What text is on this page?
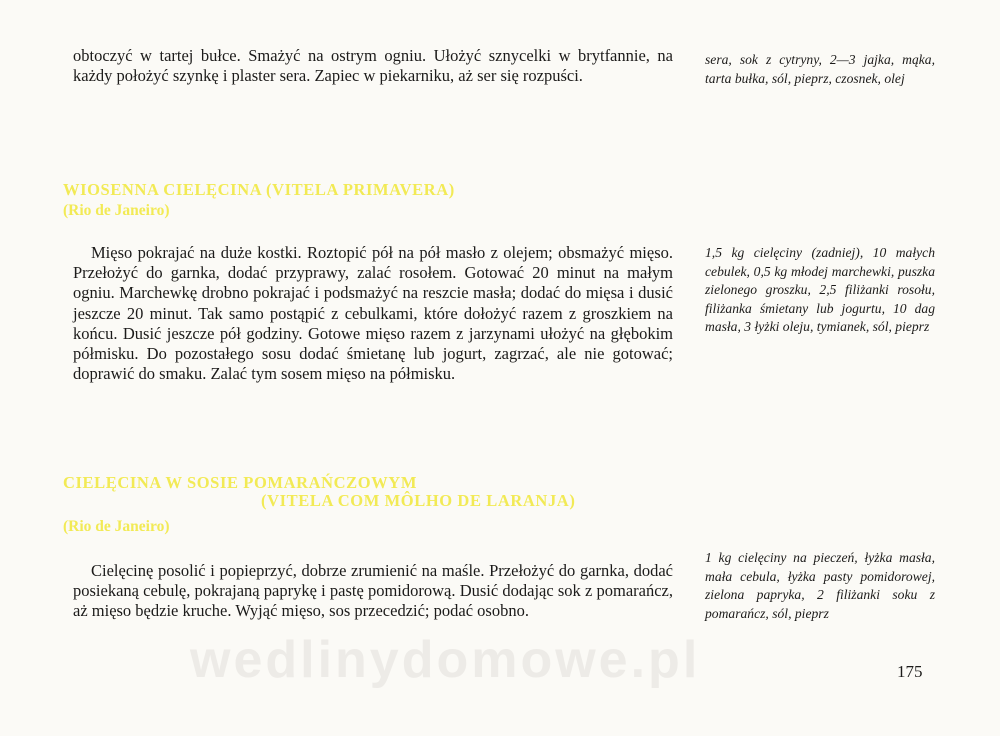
obtoczyć w tartej bułce. Smażyć na ostrym ogniu. Ułożyć sznycelki w brytfannie, na każdy położyć szynkę i plaster sera. Zapiec w piekarniku, aż ser się rozpuści.

sera, sok z cytryny, 2—3 jajka, mąka, tarta bułka, sól, pieprz, czosnek, olej

WIOSENNA CIELĘCINA (VITELA PRIMAVERA)

(Rio de Janeiro)

Mięso pokrajać na duże kostki. Roztopić pół na pół masło z olejem; obsmażyć mięso. Przełożyć do garnka, dodać przyprawy, zalać rosołem. Gotować 20 minut na małym ogniu. Marchewkę drobno pokrajać i podsmażyć na reszcie masła; dodać do mięsa i dusić jeszcze 20 minut. Tak samo postąpić z cebulkami, które dołożyć razem z groszkiem na końcu. Dusić jeszcze pół godziny. Gotowe mięso razem z jarzynami ułożyć na głębokim półmisku. Do pozostałego sosu dodać śmietanę lub jogurt, zagrzać, ale nie gotować; doprawić do smaku. Zalać tym sosem mięso na półmisku.

1,5 kg cielęciny (zadniej), 10 małych cebulek, 0,5 kg młodej marchewki, puszka zielonego groszku, 2,5 filiżanki rosołu, filiżanka śmietany lub jogurtu, 10 dag masła, 3 łyżki oleju, tymianek, sól, pieprz

CIELĘCINA W SOSIE POMARAŃCZOWYM
(VITELA COM MÔLHO DE LARANJA)

(Rio de Janeiro)

Cielęcinę posolić i popieprzyć, dobrze zrumienić na maśle. Przełożyć do garnka, dodać posiekaną cebulę, pokrajaną paprykę i pastę pomidorową. Dusić dodając sok z pomarańcz, aż mięso będzie kruche. Wyjąć mięso, sos przecedzić; podać osobno.

1 kg cielęciny na pieczeń, łyżka masła, mała cebula, łyżka pasty pomidorowej, zielona papryka, 2 filiżanki soku z pomarańcz, sól, pieprz

wedlinydomowe.pl	175
